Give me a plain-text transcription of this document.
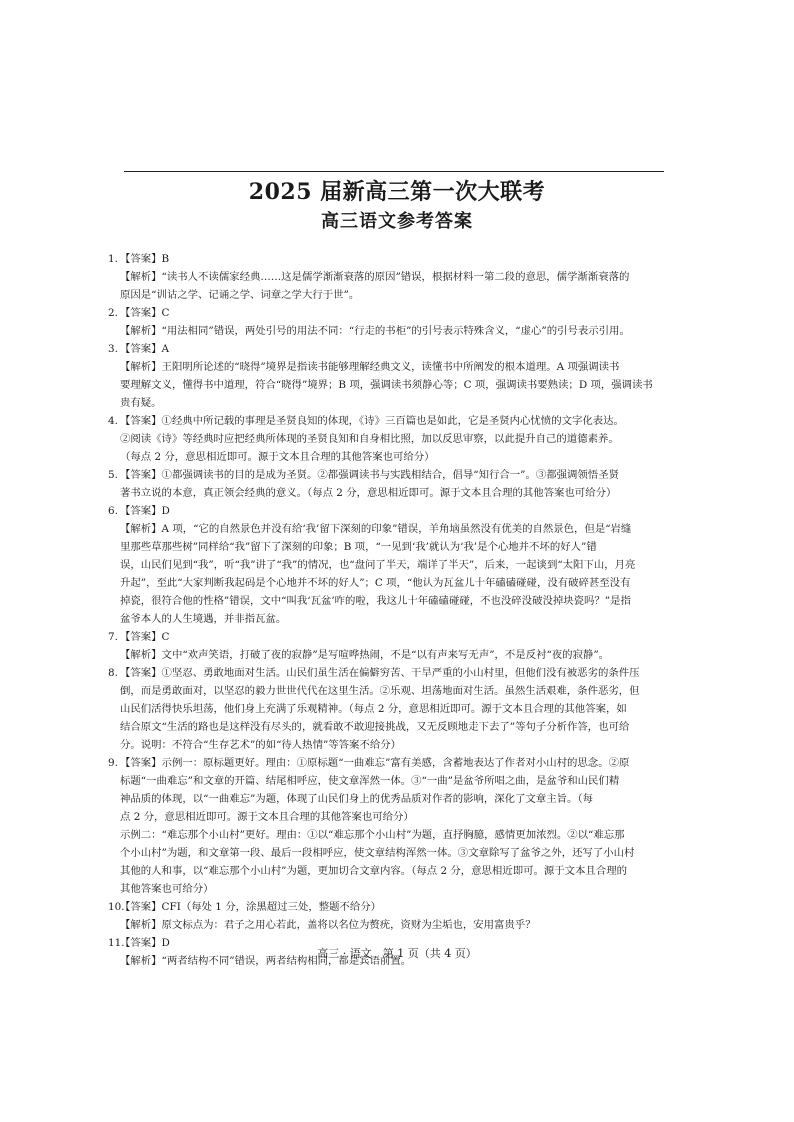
2025 届新高三第一次大联考
高三语文参考答案
1. 【答案】B
【解析】“读书人不读儒家经典……这是儒学渐渐衰落的原因”错误，根据材料一第二段的意思，儒学渐渐衰落的
原因是“训诂之学、记诵之学、词章之学大行于世”。
2. 【答案】C
【解析】“用法相同”错误，两处引号的用法不同：“行走的书柜”的引号表示特殊含义，“虚心”的引号表示引用。
3. 【答案】A
【解析】王阳明所论述的“晓得”境界是指读书能够理解经典文义，读懂书中所阐发的根本道理。A 项强调读书
要理解文义，懂得书中道理，符合“晓得”境界；B 项，强调读书须静心等；C 项，强调读书要熟读；D 项，强调读书
贵有疑。
4. 【答案】①经典中所记载的事理是圣贤良知的体现，《诗》三百篇也是如此，它是圣贤内心忧愤的文字化表达。
②阅读《诗》等经典时应把经典所体现的圣贤良知和自身相比照，加以反思审察，以此提升自己的道德素养。
（每点 2 分，意思相近即可。源于文本且合理的其他答案也可给分）
5. 【答案】①都强调读书的目的是成为圣贤。②都强调读书与实践相结合，倡导“知行合一”。③都强调领悟圣贤
著书立说的本意，真正领会经典的意义。（每点 2 分，意思相近即可。源于文本且合理的其他答案也可给分）
6. 【答案】D
【解析】A 项，“它的自然景色并没有给‘我’留下深刻的印象”错误，羊角垴虽然没有优美的自然景色，但是“岩缝
里那些草那些树”同样给“我”留下了深刻的印象；B 项，“一见到‘我’就认为‘我’是个心地并不坏的好人”错
误，山民们见到“我”，听“我”讲了“我”的情况，也“盘问了半天，端详了半天”，后来，一起谈到“太阳下山，月亮
升起”，至此“大家判断我起码是个心地并不坏的好人”；C 项，“他认为瓦盆儿十年磕磕碰碰，没有破碎甚至没有
掉瓷，很符合他的性格”错误，文中“叫我‘瓦盆’咋的啦，我这儿十年磕磕碰碰，不也没碎没破没掉块瓷吗？”是指
盆爷本人的人生境遇，并非指瓦盆。
7. 【答案】C
【解析】文中“欢声笑语，打破了夜的寂静”是写喧哗热闹，不是“以有声来写无声”，不是反衬“夜的寂静”。
8. 【答案】①坚忍、勇敢地面对生活。山民们虽生活在偏僻穷苦、干旱严重的小山村里，但他们没有被恶劣的条件压
倒，而是勇敢面对，以坚忍的毅力世世代代在这里生活。②乐观、坦荡地面对生活。虽然生活艰难，条件恶劣，但
山民们活得快乐坦荡，他们身上充满了乐观精神。（每点 2 分，意思相近即可。源于文本且合理的其他答案，如
结合原文“生活的路也是这样没有尽头的，就看敢不敢迎接挑战，又无反顾地走下去了”等句子分析作答，也可给
分。说明：不符合“生存艺术”的如“待人热情”等答案不给分）
9. 【答案】示例一：原标题更好。理由：①原标题“一曲难忘”富有美感，含蓄地表达了作者对小山村的思念。②原
标题“一曲难忘”和文章的开篇、结尾相呼应，使文章浑然一体。③“一曲”是盆爷所唱之曲，是盆爷和山民们精
神品质的体现，以“一曲难忘”为题，体现了山民们身上的优秀品质对作者的影响，深化了文章主旨。（每
点 2 分，意思相近即可。源于文本且合理的其他答案也可给分）
示例二：“难忘那个小山村”更好。理由：①以“难忘那个小山村”为题，直抒胸臆，感情更加浓烈。②以“难忘那
个小山村”为题，和文章第一段、最后一段相呼应，使文章结构浑然一体。③文章除写了盆爷之外，还写了小山村
其他的人和事，以“难忘那个小山村”为题，更加切合文章内容。（每点 2 分，意思相近即可。源于文本且合理的
其他答案也可给分）
10.
【答案】CFI（每处 1 分，涂黑超过三处，整题不给分）
【解析】原文标点为：君子之用心若此，盖将以名位为赘疣，资财为尘垢也，安用富贵乎？
11.
【答案】D
【解析】“两者结构不同”错误，两者结构相同，都是宾语前置。
高三 · 语文　第 1 页（共 4 页）
